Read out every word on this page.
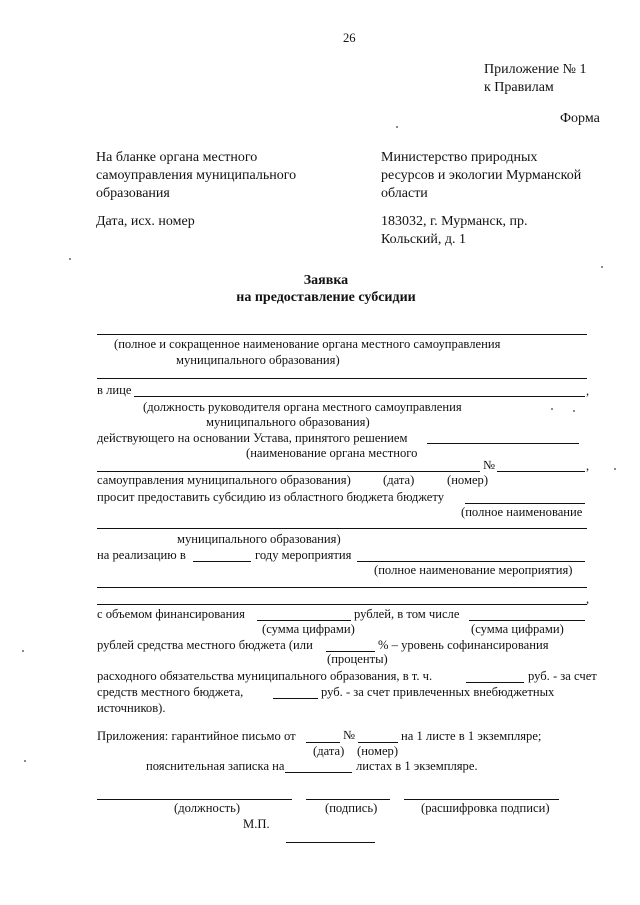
26
Приложение № 1
к Правилам
Форма
На бланке органа местного
самоуправления муниципального
образования
Дата, исх. номер
Министерство природных
ресурсов и экологии Мурманской
области
183032, г. Мурманск, пр.
Кольский, д. 1
Заявка
на предоставление субсидии
(полное и сокращенное наименование органа местного самоуправления
муниципального образования)
в лице	,
(должность руководителя органа местного самоуправления
муниципального образования)
действующего на основании Устава, принятого решением
(наименование органа местного
№	,
самоуправления муниципального образования)	(дата)	(номер)
просит предоставить субсидию из областного бюджета бюджету
(полное наименование
муниципального образования)
на реализацию в	году мероприятия
(полное наименование мероприятия)
,
с объемом финансирования	рублей, в том числе
(сумма цифрами)	(сумма цифрами)
рублей средства местного бюджета (или	% – уровень софинансирования
(проценты)
расходного обязательства муниципального образования, в т. ч.	руб. - за счет
средств местного бюджета,	руб. - за счет привлеченных внебюджетных
источников).
Приложения: гарантийное письмо от	№	на 1 листе в 1 экземпляре;
(дата) (номер)
пояснительная записка на	листах в 1 экземпляре.
(должность)	(подпись)	(расшифровка подписи)
М.П.
